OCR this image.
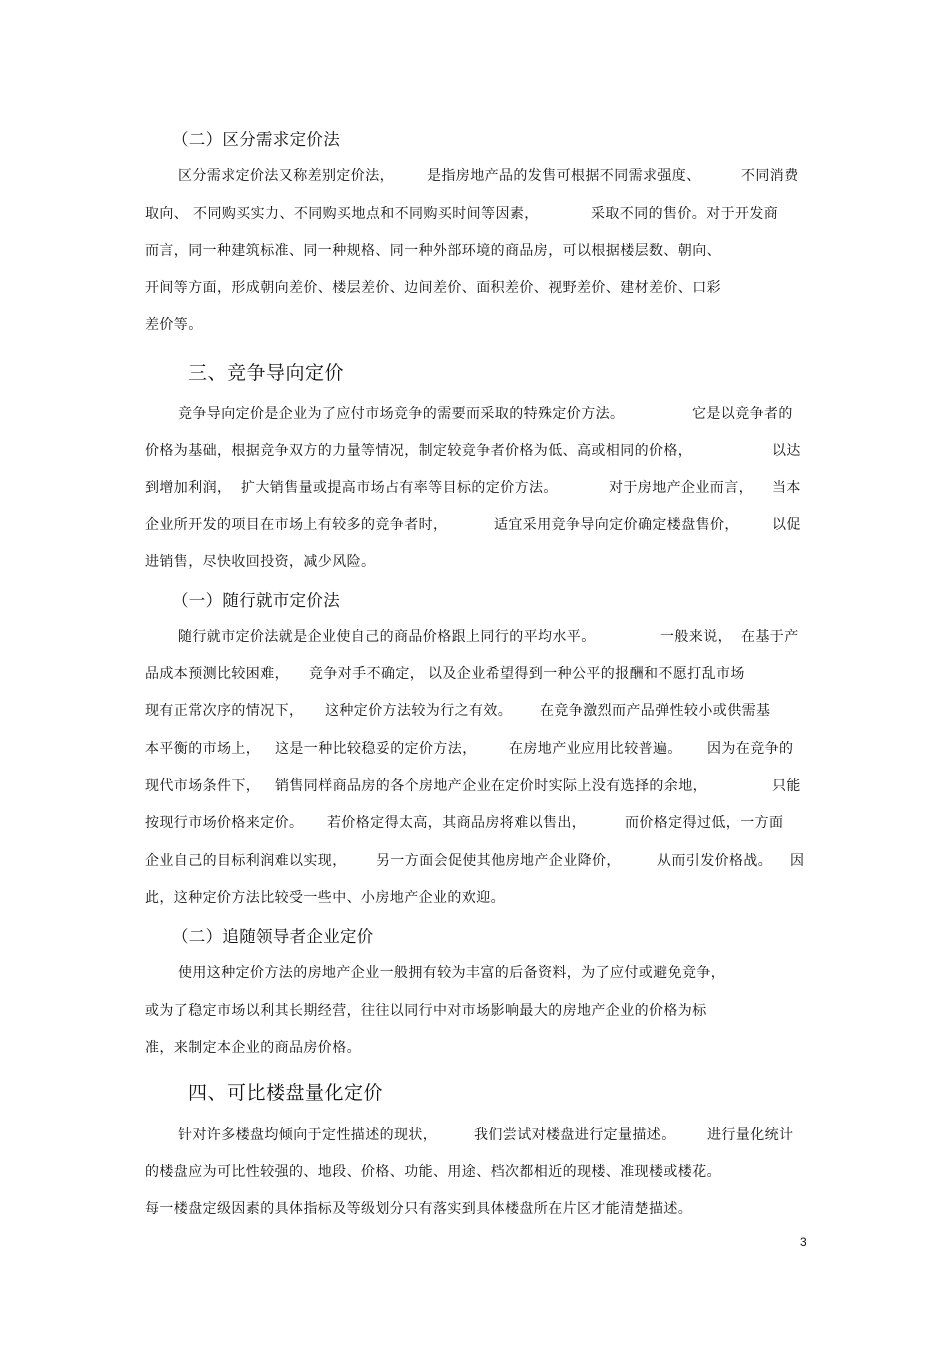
（二）区分需求定价法
区分需求定价法又称差别定价法， 是指房地产品的发售可根据不同需求强度、	不同消费
取向、 不同购买实力、不同购买地点和不同购买时间等因素，	采取不同的售价。对于开发商
而言，同一种建筑标准、同一种规格、同一种外部环境的商品房，可以根据楼层数、朝向、
开间等方面，形成朝向差价、楼层差价、边间差价、面积差价、视野差价、建材差价、口彩
差价等。
三、竞争导向定价
竞争导向定价是企业为了应付市场竞争的需要而采取的特殊定价方法。	它是以竞争者的
价格为基础，根据竞争双方的力量等情况，制定较竞争者价格为低、高或相同的价格，	以达
到增加利润， 扩大销售量或提高市场占有率等目标的定价方法。	对于房地产企业而言， 当本
企业所开发的项目在市场上有较多的竞争者时，	适宜采用竞争导向定价确定楼盘售价， 以促
进销售，尽快收回投资，减少风险。
（一）随行就市定价法
随行就市定价法就是企业使自己的商品价格跟上同行的平均水平。	一般来说， 在基于产
品成本预测比较困难， 竞争对手不确定， 以及企业希望得到一种公平的报酬和不愿打乱市场
现有正常次序的情况下， 这种定价方法较为行之有效。 在竞争激烈而产品弹性较小或供需基
本平衡的市场上， 这是一种比较稳妥的定价方法， 在房地产业应用比较普遍。 因为在竞争的
现代市场条件下， 销售同样商品房的各个房地产企业在定价时实际上没有选择的余地，	只能
按现行市场价格来定价。 若价格定得太高，其商品房将难以售出，	而价格定得过低，一方面
企业自己的目标利润难以实现， 另一方面会促使其他房地产企业降价，	从而引发价格战。 因
此，这种定价方法比较受一些中、小房地产企业的欢迎。
（二）追随领导者企业定价
使用这种定价方法的房地产企业一般拥有较为丰富的后备资料，为了应付或避免竞争，
或为了稳定市场以利其长期经营，往往以同行中对市场影响最大的房地产企业的价格为标
准，来制定本企业的商品房价格。
四、可比楼盘量化定价
针对许多楼盘均倾向于定性描述的现状，	我们尝试对楼盘进行定量描述。 进行量化统计
的楼盘应为可比性较强的、地段、价格、功能、用途、档次都相近的现楼、准现楼或楼花。
每一楼盘定级因素的具体指标及等级划分只有落实到具体楼盘所在片区才能清楚描述。
3
